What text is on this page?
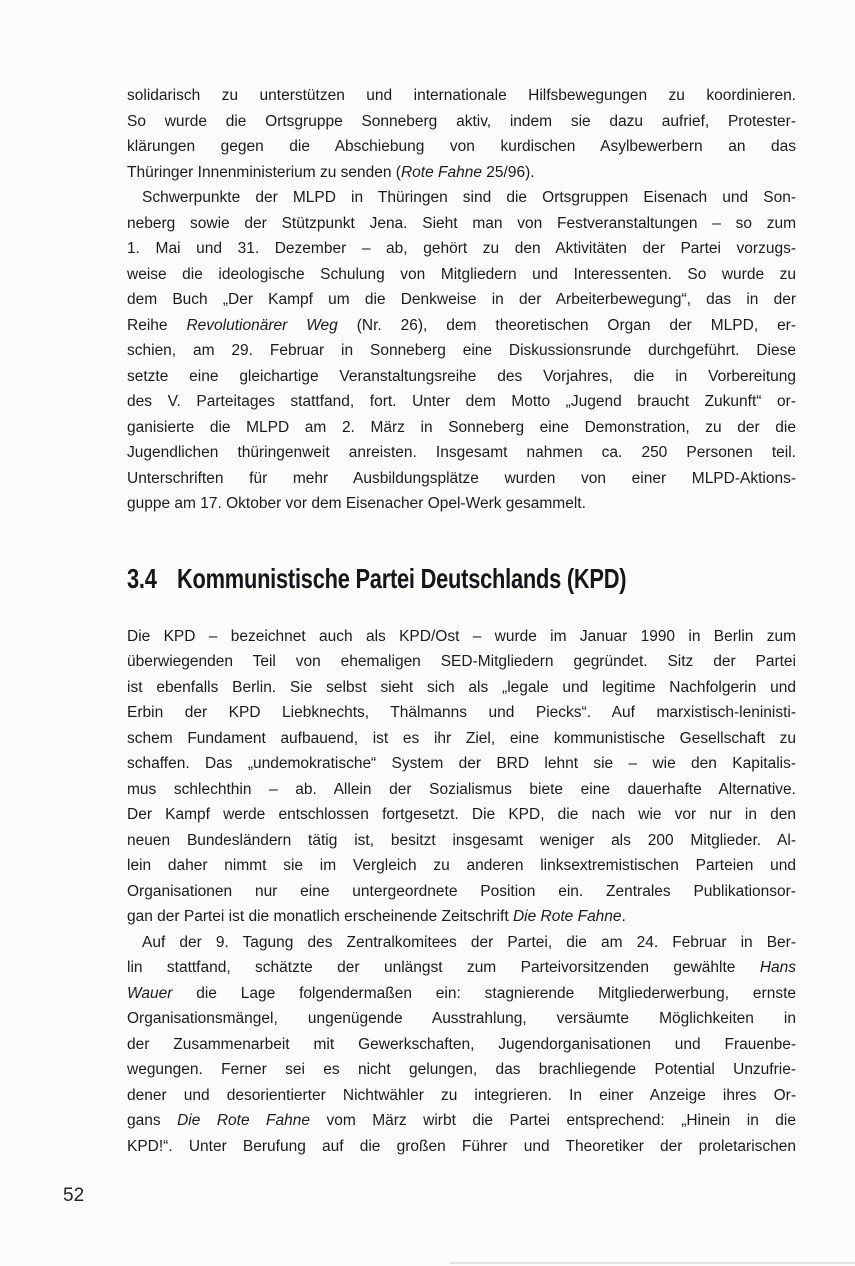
solidarisch zu unterstützen und internationale Hilfsbewegungen zu koordinieren.
So wurde die Ortsgruppe Sonneberg aktiv, indem sie dazu aufrief, Protester-
klärungen gegen die Abschiebung von kurdischen Asylbewerbern an das
Thüringer Innenministerium zu senden (Rote Fahne 25/96).
Schwerpunkte der MLPD in Thüringen sind die Ortsgruppen Eisenach und Son-
neberg sowie der Stützpunkt Jena. Sieht man von Festveranstaltungen – so zum
1. Mai und 31. Dezember – ab, gehört zu den Aktivitäten der Partei vorzugs-
weise die ideologische Schulung von Mitgliedern und Interessenten. So wurde zu
dem Buch „Der Kampf um die Denkweise in der Arbeiterbewegung“, das in der
Reihe Revolutionärer Weg (Nr. 26), dem theoretischen Organ der MLPD, er-
schien, am 29. Februar in Sonneberg eine Diskussionsrunde durchgeführt. Diese
setzte eine gleichartige Veranstaltungsreihe des Vorjahres, die in Vorbereitung
des V. Parteitages stattfand, fort. Unter dem Motto „Jugend braucht Zukunft“ or-
ganisierte die MLPD am 2. März in Sonneberg eine Demonstration, zu der die
Jugendlichen thüringenweit anreisten. Insgesamt nahmen ca. 250 Personen teil.
Unterschriften für mehr Ausbildungsplätze wurden von einer MLPD-Aktions-
guppe am 17. Oktober vor dem Eisenacher Opel-Werk gesammelt.
3.4 Kommunistische Partei Deutschlands (KPD)
Die KPD – bezeichnet auch als KPD/Ost – wurde im Januar 1990 in Berlin zum
überwiegenden Teil von ehemaligen SED-Mitgliedern gegründet. Sitz der Partei
ist ebenfalls Berlin. Sie selbst sieht sich als „legale und legitime Nachfolgerin und
Erbin der KPD Liebknechts, Thälmanns und Piecks“. Auf marxistisch-leninisti-
schem Fundament aufbauend, ist es ihr Ziel, eine kommunistische Gesellschaft zu
schaffen. Das „undemokratische“ System der BRD lehnt sie – wie den Kapitalis-
mus schlechthin – ab. Allein der Sozialismus biete eine dauerhafte Alternative.
Der Kampf werde entschlossen fortgesetzt. Die KPD, die nach wie vor nur in den
neuen Bundesländern tätig ist, besitzt insgesamt weniger als 200 Mitglieder. Al-
lein daher nimmt sie im Vergleich zu anderen linksextremistischen Parteien und
Organisationen nur eine untergeordnete Position ein. Zentrales Publikationsor-
gan der Partei ist die monatlich erscheinende Zeitschrift Die Rote Fahne.
Auf der 9. Tagung des Zentralkomitees der Partei, die am 24. Februar in Ber-
lin stattfand, schätzte der unlängst zum Parteivorsitzenden gewählte Hans
Wauer die Lage folgendermaßen ein: stagnierende Mitgliederwerbung, ernste
Organisationsmängel, ungenügende Ausstrahlung, versäumte Möglichkeiten in
der Zusammenarbeit mit Gewerkschaften, Jugendorganisationen und Frauenbe-
wegungen. Ferner sei es nicht gelungen, das brachliegende Potential Unzufrie-
dener und desorientierter Nichtwähler zu integrieren. In einer Anzeige ihres Or-
gans Die Rote Fahne vom März wirbt die Partei entsprechend: „Hinein in die
KPD!“. Unter Berufung auf die großen Führer und Theoretiker der proletarischen
52
